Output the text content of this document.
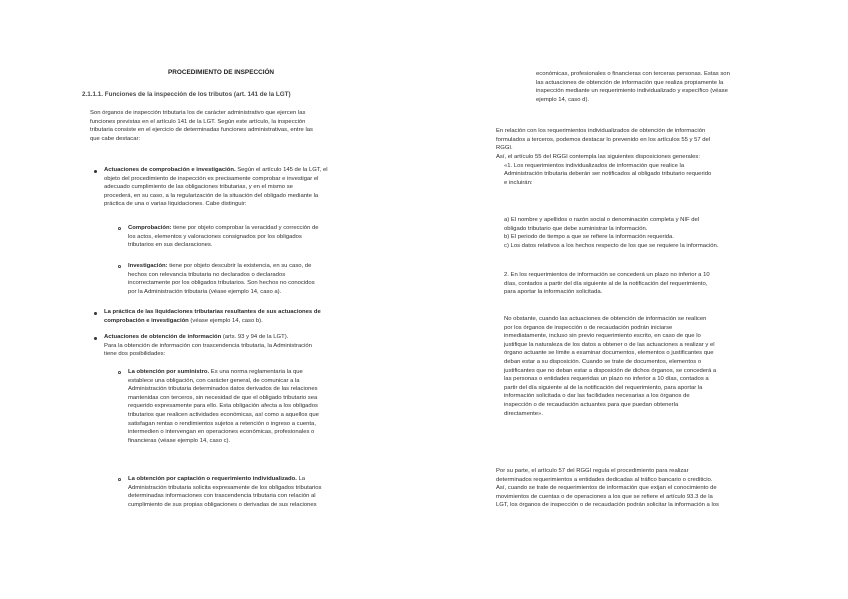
PROCEDIMIENTO DE INSPECCIÓN
2.1.1.1. Funciones de la inspección de los tributos (art. 141 de la LGT)
Son órganos de inspección tributaria los de carácter administrativo que ejercen las
funciones previstas en el artículo 141 de la LGT. Según este artículo, la inspección
tributaria consiste en el ejercicio de determinadas funciones administrativas, entre las
que cabe destacar:
Actuaciones de comprobación e investigación. Según el artículo 145 de la LGT, el
objeto del procedimiento de inspección es precisamente comprobar e investigar el
adecuado cumplimiento de las obligaciones tributarias, y en el mismo se
procederá, en su caso, a la regularización de la situación del obligado mediante la
práctica de una o varias liquidaciones. Cabe distinguir:
Comprobación: tiene por objeto comprobar la veracidad y corrección de
los actos, elementos y valoraciones consignados por los obligados
tributarios en sus declaraciones.
Investigación: tiene por objeto descubrir la existencia, en su caso, de
hechos con relevancia tributaria no declarados o declarados
incorrectamente por los obligados tributarios. Son hechos no conocidos
por la Administración tributaria (véase ejemplo 14, caso a).
La práctica de las liquidaciones tributarias resultantes de sus actuaciones de
comprobación e investigación (véase ejemplo 14, caso b).
Actuaciones de obtención de información (arts. 93 y 94 de la LGT).
Para la obtención de información con trascendencia tributaria, la Administración
tiene dos posibilidades:
La obtención por suministro. Es una norma reglamentaria la que
establece una obligación, con carácter general, de comunicar a la
Administración tributaria determinados datos derivados de las relaciones
mantenidas con terceros, sin necesidad de que el obligado tributario sea
requerido expresamente para ello. Esta obligación afecta a los obligados
tributarios que realicen actividades económicas, así como a aquellos que
satisfagan rentas o rendimientos sujetos a retención o ingreso a cuenta,
intermedien o intervengan en operaciones económicas, profesionales o
financieras (véase ejemplo 14, caso c).
La obtención por captación o requerimiento individualizado. La
Administración tributaria solicita expresamente de los obligados tributarios
determinadas informaciones con trascendencia tributaria con relación al
cumplimiento de sus propias obligaciones o derivadas de sus relaciones
económicas, profesionales o financieras con terceras personas. Estas son
las actuaciones de obtención de información que realiza propiamente la
inspección mediante un requerimiento individualizado y específico (véase
ejemplo 14, caso d).
En relación con los requerimientos individualizados de obtención de información
formulados a terceros, podemos destacar lo prevenido en los artículos 55 y 57 del
RGGI.
Así, el artículo 55 del RGGI contempla las siguientes disposiciones generales:
«1. Los requerimientos individualizados de información que realice la
Administración tributaria deberán ser notificados al obligado tributario requerido
e incluirán:
a) El nombre y apellidos o razón social o denominación completa y NIF del
obligado tributario que debe suministrar la información.
b) El periodo de tiempo a que se refiere la información requerida.
c) Los datos relativos a los hechos respecto de los que se requiere la información.
2. En los requerimientos de información se concederá un plazo no inferior a 10
días, contados a partir del día siguiente al de la notificación del requerimiento,
para aportar la información solicitada.
No obstante, cuando las actuaciones de obtención de información se realicen
por los órganos de inspección o de recaudación podrán iniciarse
inmediatamente, incluso sin previo requerimiento escrito, en caso de que lo
justifique la naturaleza de los datos a obtener o de las actuaciones a realizar y el
órgano actuante se limite a examinar documentos, elementos o justificantes que
deban estar a su disposición. Cuando se trate de documentos, elementos o
justificantes que no deban estar a disposición de dichos órganos, se concederá a
las personas o entidades requeridas un plazo no inferior a 10 días, contados a
partir del día siguiente al de la notificación del requerimiento, para aportar la
información solicitada o dar las facilidades necesarias a los órganos de
inspección o de recaudación actuantes para que puedan obtenerla
directamente».
Por su parte, el artículo 57 del RGGI regula el procedimiento para realizar
determinados requerimientos a entidades dedicadas al tráfico bancario o crediticio.
Así, cuando se trate de requerimientos de información que exijan el conocimiento de
movimientos de cuentas o de operaciones a los que se refiere el artículo 93.3 de la
LGT, los órganos de inspección o de recaudación podrán solicitar la información a los
